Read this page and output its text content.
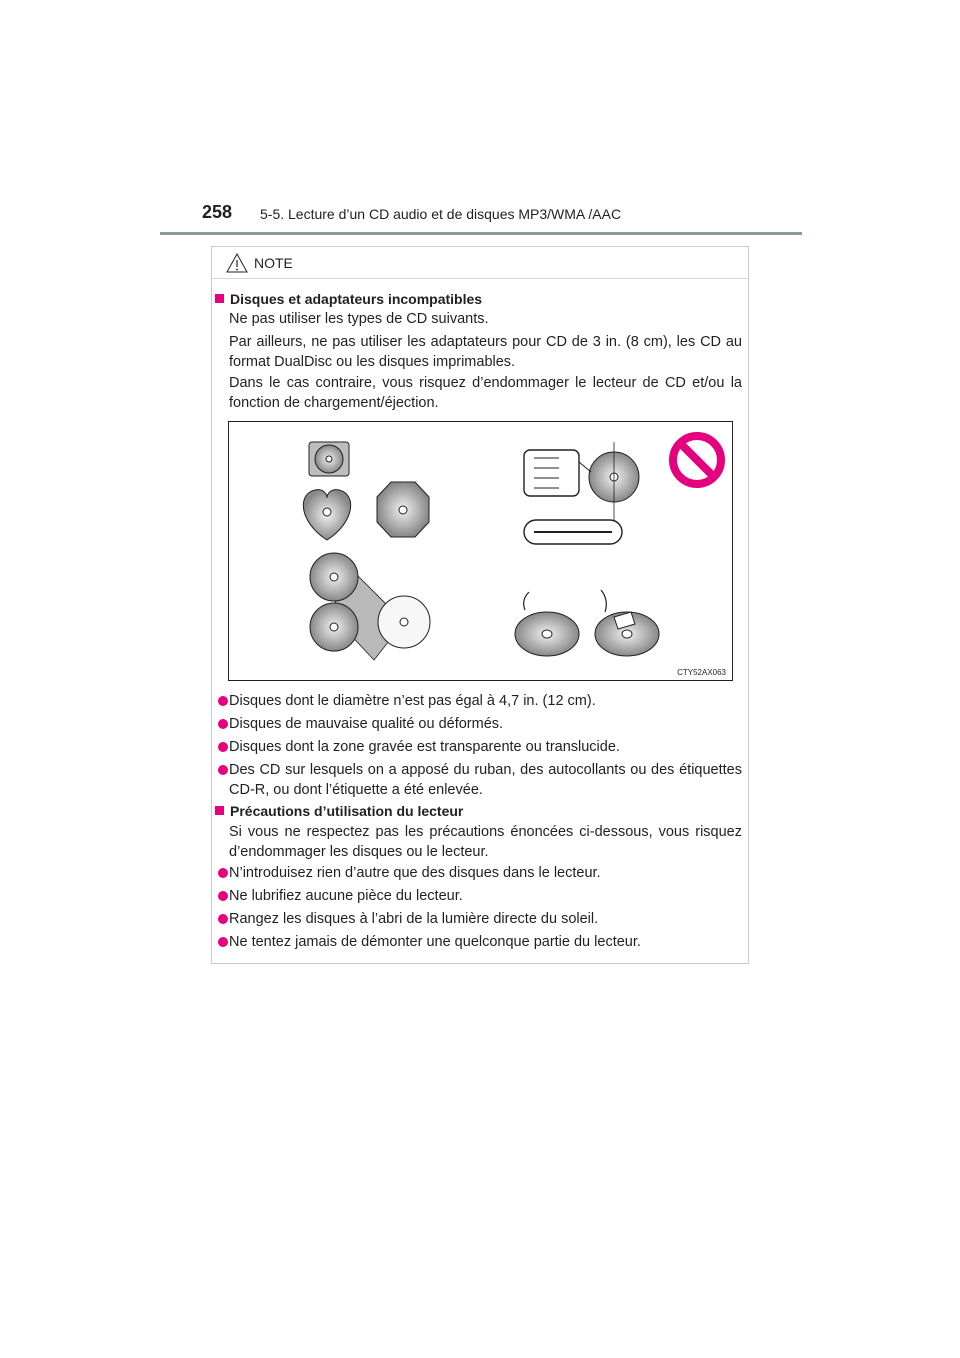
258 5-5. Lecture d’un CD audio et de disques MP3/WMA /AAC
NOTE
Disques et adaptateurs incompatibles
Ne pas utiliser les types de CD suivants.
Par ailleurs, ne pas utiliser les adaptateurs pour CD de 3 in. (8 cm), les CD au format DualDisc ou les disques imprimables.
Dans le cas contraire, vous risquez d’endommager le lecteur de CD et/ou la fonction de chargement/éjection.
CTY52AX063
Disques dont le diamètre n’est pas égal à 4,7 in. (12 cm).
Disques de mauvaise qualité ou déformés.
Disques dont la zone gravée est transparente ou translucide.
Des CD sur lesquels on a apposé du ruban, des autocollants ou des étiquettes CD-R, ou dont l’étiquette a été enlevée.
Précautions d’utilisation du lecteur
Si vous ne respectez pas les précautions énoncées ci-dessous, vous risquez d’endommager les disques ou le lecteur.
N’introduisez rien d’autre que des disques dans le lecteur.
Ne lubrifiez aucune pièce du lecteur.
Rangez les disques à l’abri de la lumière directe du soleil.
Ne tentez jamais de démonter une quelconque partie du lecteur.
